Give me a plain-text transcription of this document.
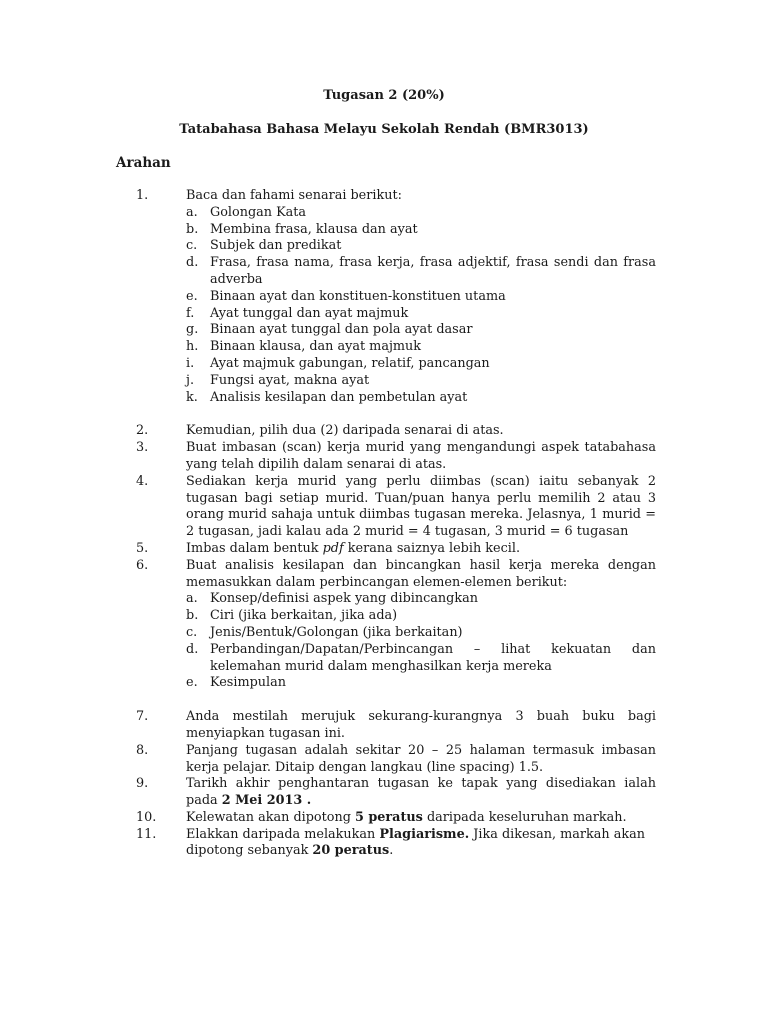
Tugasan 2 (20%)
Tatabahasa Bahasa Melayu Sekolah Rendah (BMR3013)
Arahan
1.	Baca dan fahami senarai berikut:
a. Golongan Kata
b. Membina frasa, klausa dan ayat
c. Subjek dan predikat
d. Frasa, frasa nama, frasa kerja, frasa adjektif, frasa sendi dan frasa adverba
e. Binaan ayat dan konstituen-konstituen utama
f.	Ayat tunggal dan ayat majmuk
g. Binaan ayat tunggal dan pola ayat dasar
h. Binaan klausa, dan ayat majmuk
i.	Ayat majmuk gabungan, relatif, pancangan
j.	Fungsi ayat, makna ayat
k. Analisis kesilapan dan pembetulan ayat
2.	Kemudian, pilih dua (2) daripada senarai di atas.
3.	Buat imbasan (scan) kerja murid yang mengandungi aspek tatabahasa yang telah dipilih dalam senarai di atas.
4.	Sediakan kerja murid yang perlu diimbas (scan) iaitu sebanyak 2 tugasan bagi setiap murid. Tuan/puan hanya perlu memilih 2 atau 3 orang murid sahaja untuk diimbas tugasan mereka. Jelasnya, 1 murid = 2 tugasan, jadi kalau ada 2 murid = 4 tugasan, 3 murid = 6 tugasan
5.	Imbas dalam bentuk pdf kerana saiznya lebih kecil.
6.	Buat analisis kesilapan dan bincangkan hasil kerja mereka dengan memasukkan dalam perbincangan elemen-elemen berikut:
a. Konsep/definisi aspek yang dibincangkan
b. Ciri (jika berkaitan, jika ada)
c. Jenis/Bentuk/Golongan (jika berkaitan)
d. Perbandingan/Dapatan/Perbincangan – lihat kekuatan dan kelemahan murid dalam menghasilkan kerja mereka
e. Kesimpulan
7.	Anda mestilah merujuk sekurang-kurangnya 3 buah buku bagi menyiapkan tugasan ini.
8.	Panjang tugasan adalah sekitar 20 – 25 halaman termasuk imbasan kerja pelajar. Ditaip dengan langkau (line spacing) 1.5.
9.	Tarikh akhir penghantaran tugasan ke tapak yang disediakan ialah pada 2 Mei 2013 .
10.	Kelewatan akan dipotong 5 peratus daripada keseluruhan markah.
11.	Elakkan daripada melakukan Plagiarisme. Jika dikesan, markah akan dipotong sebanyak 20 peratus.
